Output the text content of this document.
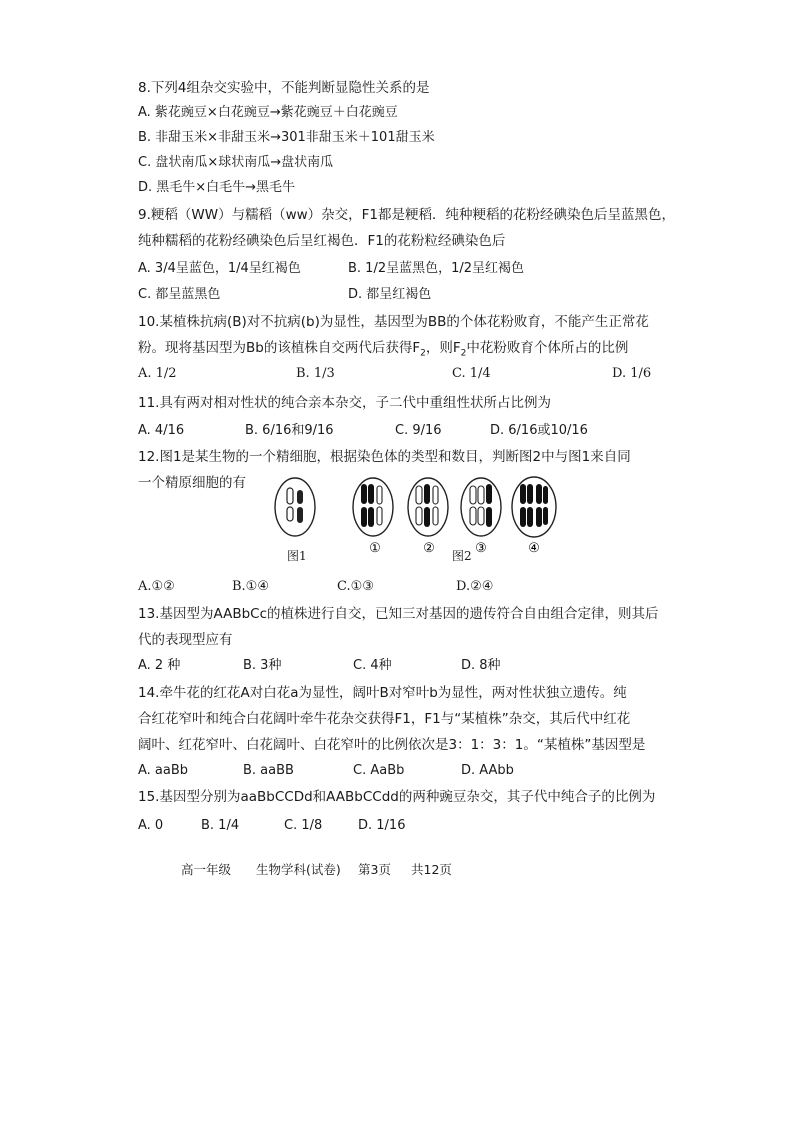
8.下列4组杂交实验中，不能判断显隐性关系的是
A. 紫花豌豆×白花豌豆→紫花豌豆＋白花豌豆
B. 非甜玉米×非甜玉米→301非甜玉米＋101甜玉米
C. 盘状南瓜×球状南瓜→盘状南瓜
D. 黑毛牛×白毛牛→黑毛牛
9.粳稻（WW）与糯稻（ww）杂交，F1都是粳稻．纯种粳稻的花粉经碘染色后呈蓝黑色，
纯种糯稻的花粉经碘染色后呈红褐色．F1的花粉粒经碘染色后
A. 3/4呈蓝色，1/4呈红褐色	B. 1/2呈蓝黑色，1/2呈红褐色
C. 都呈蓝黑色	D. 都呈红褐色
10.某植株抗病(B)对不抗病(b)为显性，基因型为BB的个体花粉败育，不能产生正常花
粉。现将基因型为Bb的该植株自交两代后获得$F_2$，则$F_2$中花粉败育个体所占的比例
A. 1/2	B. 1/3	C. 1/4	D. 1/6
11.具有两对相对性状的纯合亲本杂交，子二代中重组性状所占比例为
A. 4/16	B. 6/16和9/16	C. 9/16	D. 6/16或10/16
12.图1是某生物的一个精细胞，根据染色体的类型和数目，判断图2中与图1来自同
一个精原细胞的有
①	②	③	④
图1	图2
A.①②	B.①④	C.①③	D.②④
13.基因型为AABbCc的植株进行自交，已知三对基因的遗传符合自由组合定律，则其后
代的表现型应有
A. 2 种	B. 3种	C. 4种	D. 8种
14.牵牛花的红花A对白花a为显性，阔叶B对窄叶b为显性，两对性状独立遗传。纯
合红花窄叶和纯合白花阔叶牵牛花杂交获得F1，F1与“某植株”杂交，其后代中红花
阔叶、红花窄叶、白花阔叶、白花窄叶的比例依次是3：1：3：1。“某植株”基因型是
A. aaBb	B. aaBB	C. AaBb	D. AAbb
15.基因型分别为aaBbCCDd和AABbCCdd的两种豌豆杂交，其子代中纯合子的比例为
A. 0	B. 1/4	C. 1/8	D. 1/16
高一年级 生物学科(试卷) 第3页 共12页
